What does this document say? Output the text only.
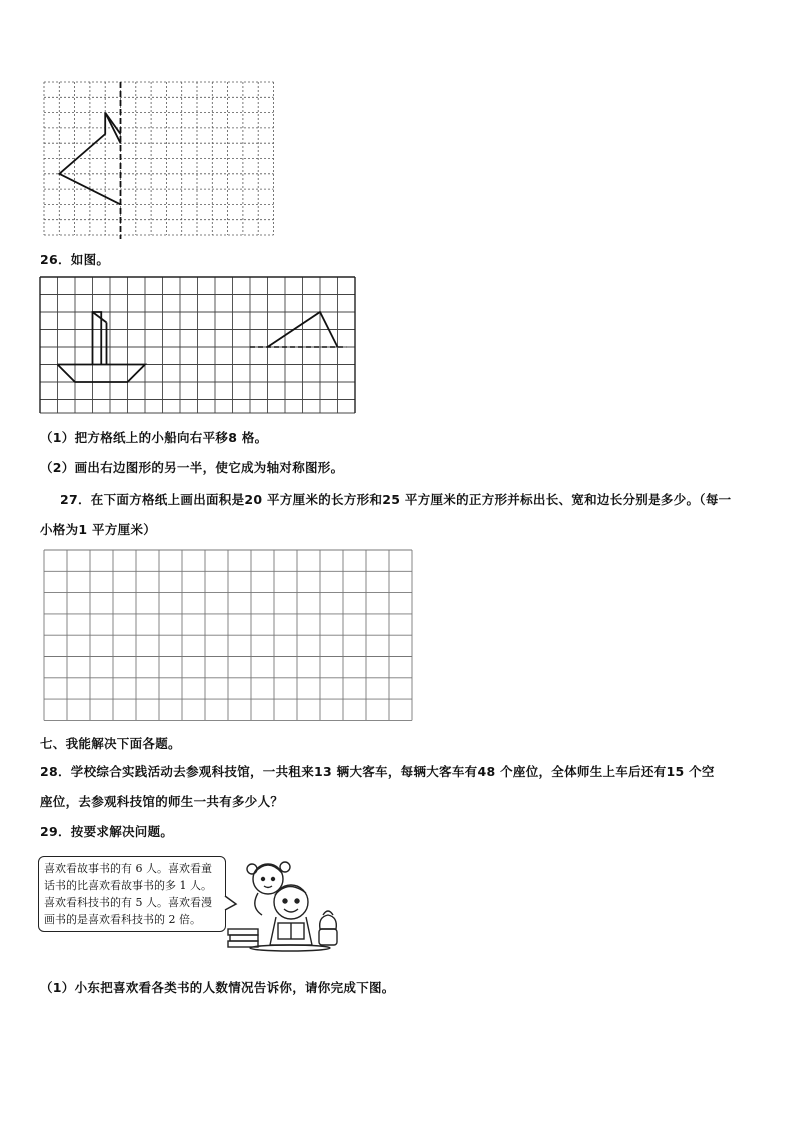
26．如图。
（1）把方格纸上的小船向右平移8 格。
（2）画出右边图形的另一半，使它成为轴对称图形。
27．在下面方格纸上画出面积是20 平方厘米的长方形和25 平方厘米的正方形并标出长、宽和边长分别是多少。（每一
小格为1 平方厘米）
七、我能解决下面各题。
28．学校综合实践活动去参观科技馆，一共租来13 辆大客车，每辆大客车有48 个座位，全体师生上车后还有15 个空
座位，去参观科技馆的师生一共有多少人？
29．按要求解决问题。
喜欢看故事书的有 6 人。喜欢看童
话书的比喜欢看故事书的多 1 人。
喜欢看科技书的有 5 人。喜欢看漫
画书的是喜欢看科技书的 2 倍。
（1）小东把喜欢看各类书的人数情况告诉你，请你完成下图。
